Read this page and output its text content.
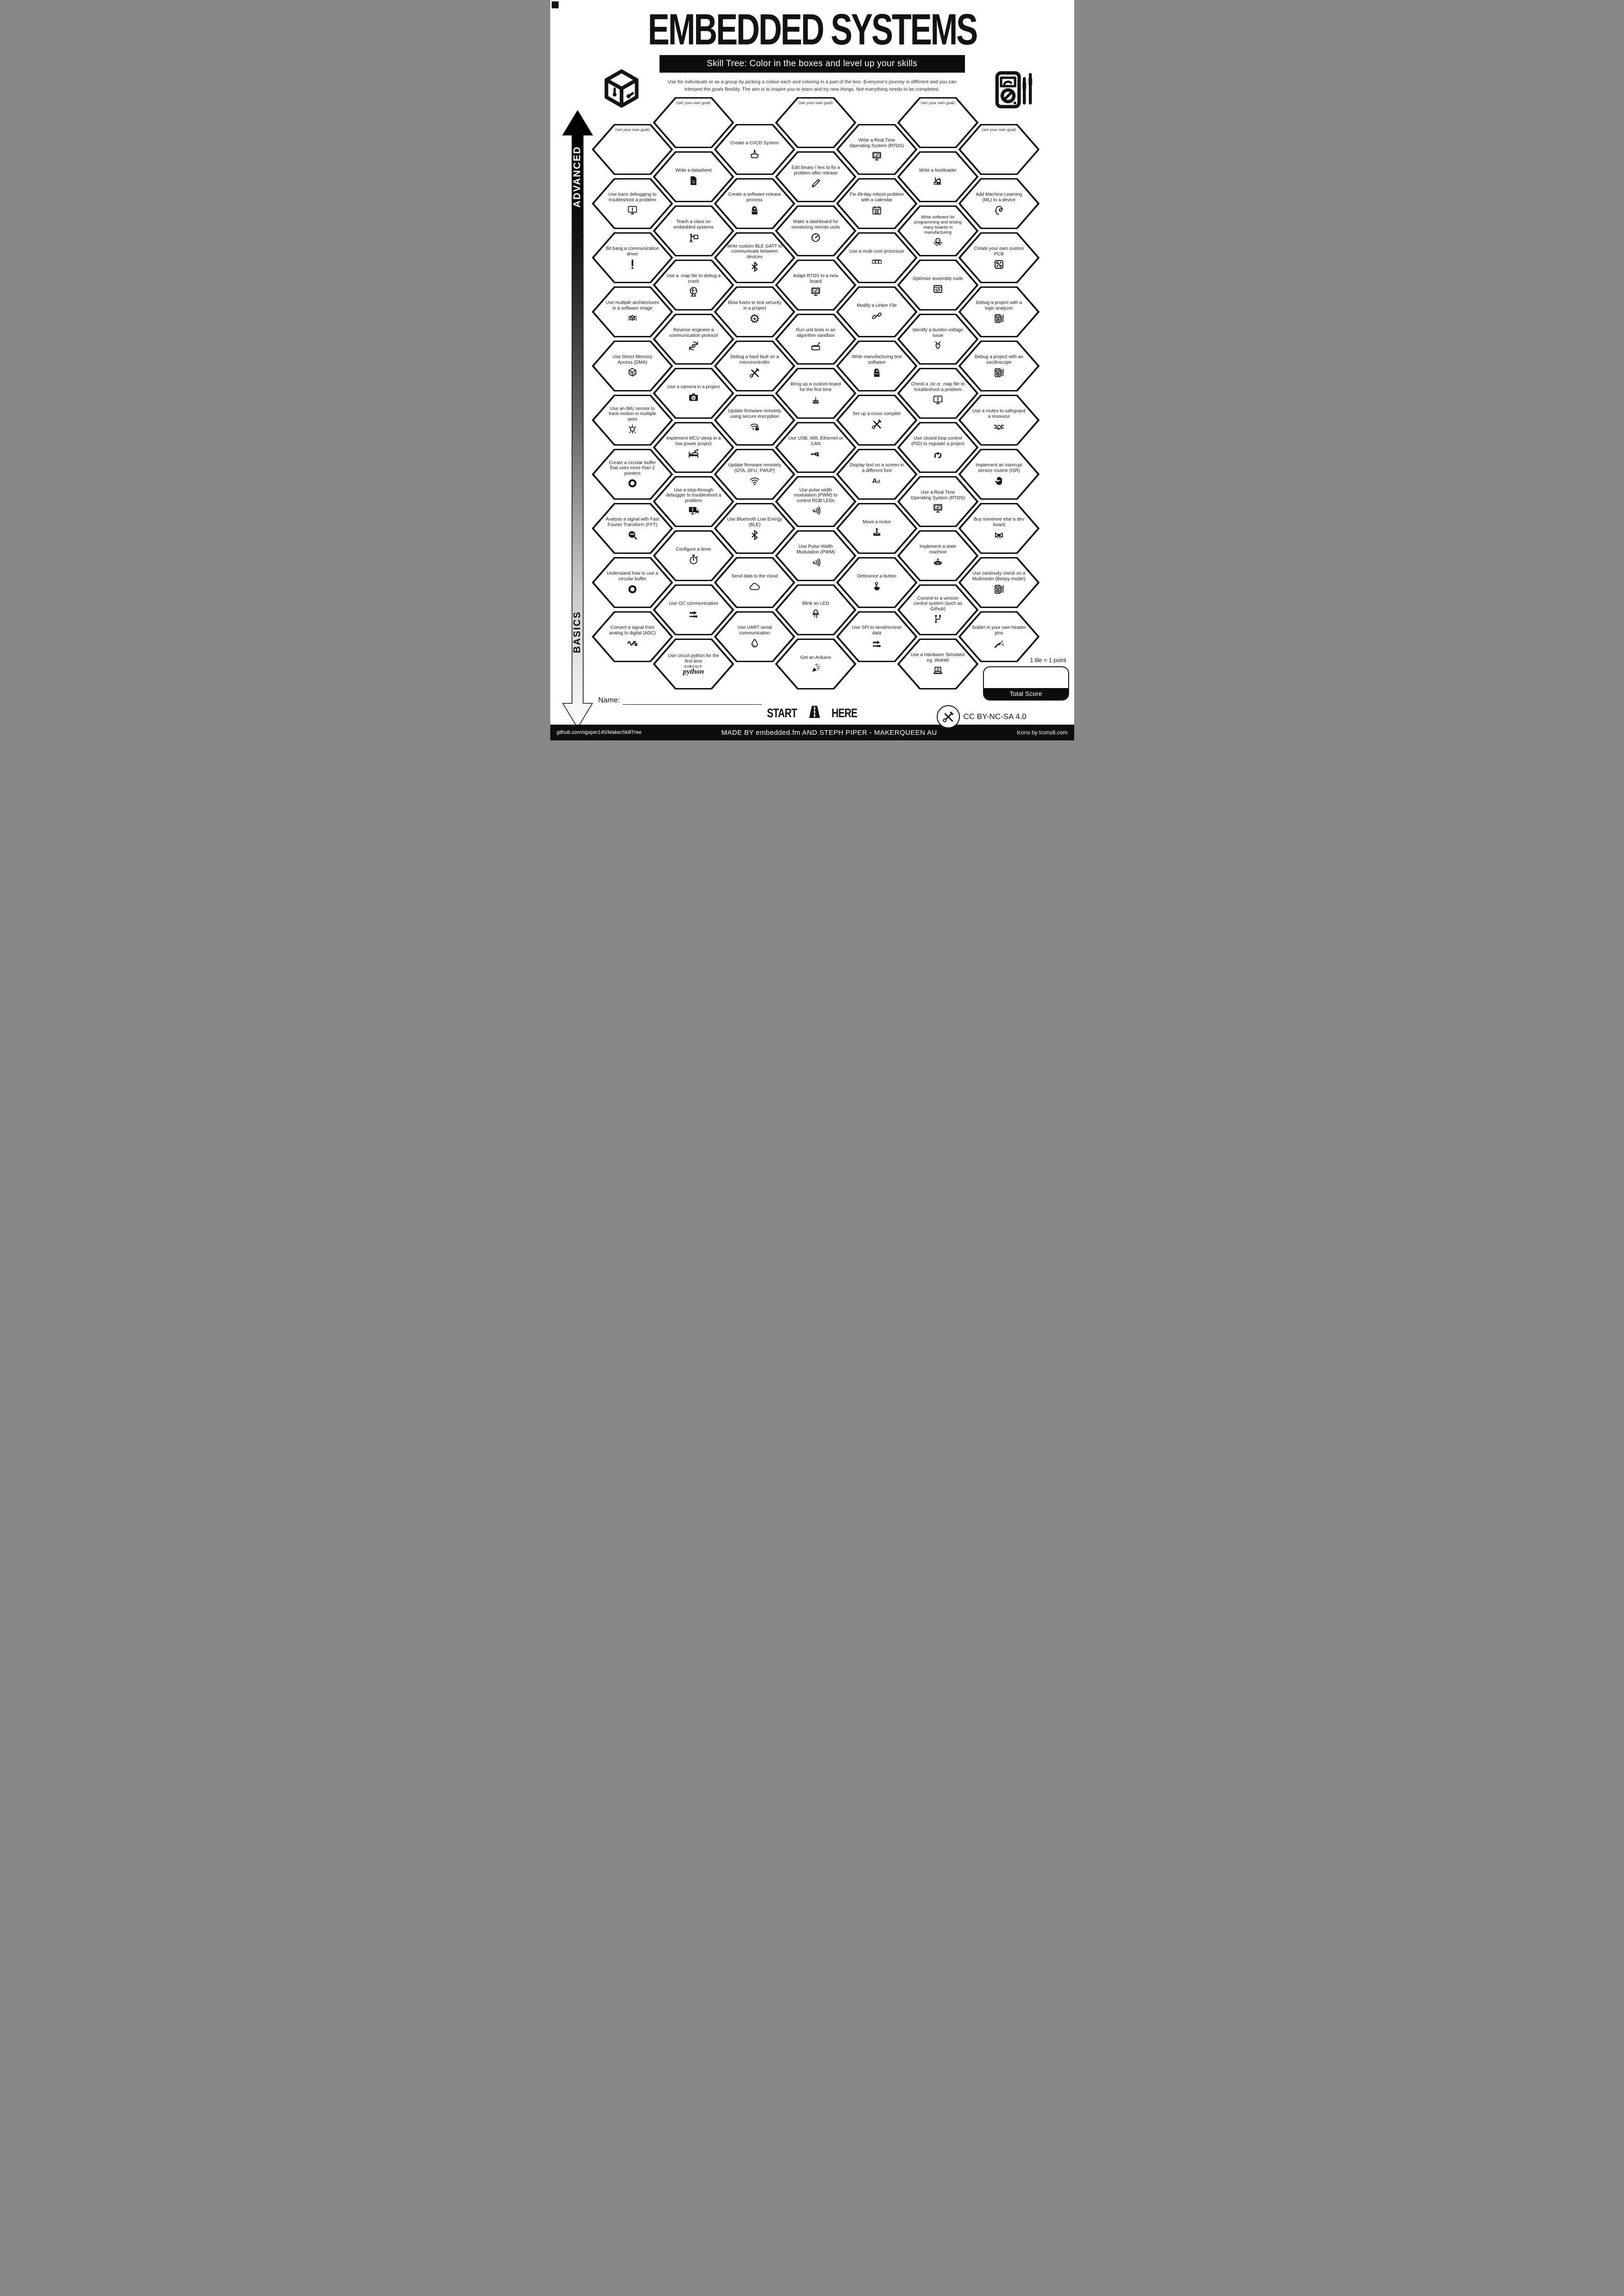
EMBEDDED SYSTEMS
Skill Tree: Color in the boxes and level up your skills
Use for individuals or as a group by picking a colour each and coloring in a part of the box. Everyone's journey is different and you can
interpret the goals flexibly. The aim is to inspire you to learn and try new things. Not everything needs to be completed.
ADVANCED
BASICS
(set your own goal)
Use trace debugging to troubleshoot a problem
Bit bang a communication driver
Use multiple architectures in a software image
Use Direct Memory Access (DMA)
Use an IMU sensor to track motion in multiple axes
Create a circular buffer that uses more than 2 pointers
Analyse a signal with Fast Fourier Transform (FFT)
Understand how to use a circular buffer
Convert a signal from analog to digital (ADC)
(set your own goal)
Write a datasheet
Teach a class on embedded systems
Use a .map file to debug a crash
Reverse engineer a communication protocol
Use a camera in a project
Implement MCU sleep in a low power project
Use a step-through debugger to troubleshoot a problem
Configure a timer
Use I2C communication
Use circuit python for the first time
CIRCUIT
python
Create a CI/CD System
Create a software release process
Write custom BLE GATT to communicate between devices
Blow fuses to test security in a project
Debug a hard fault on a microcontroller
Update firmware remotely using secure encryption
Update firmware remotely (OTA, DFU, FWUP)
Use Bluetooth Low Energy (BLE)
Send data to the cloud
Use UART serial communication
(set your own goal)
Edit binary / hex to fix a problem after release
Make a dashboard for monitoring remote units
Adapt RTOS to a new board
Run unit tests in an algorithm sandbox
Bring up a custom board for the first time
Use USB, Wifi, Ethernet or CAN
Use pulse width modulation (PWM) to control RGB LEDs
Use Pulse Width Modulation (PWM)
Blink an LED
Get an Arduino
Write a Real Time Operating System (RTOS)
Fix 49-day reboot problem with a calendar
Use a multi core processor
Modify a Linker File
Write manufacturing test software
Set up a cross compiler
Display text on a screen in a different font
A a
Move a motor
Debounce a button
Use SPI to send/recieve data
(set your own goal)
Write a bootloader
Write software for programming and testing many boards in manufacturing
Optimize assembly code
Identify a burden voltage issue
Check a .lst or .map file to troubleshoot a problem
Use closed loop control (PID) to regulate a project
Use a Real Time Operating System (RTOS)
Implement a state machine
Commit to a version control system (such as Github)
Use a Hardware Simulator eg. WokWi
(set your own goal)
Add Machine Learning (ML) to a device
Create your own custom PCB
Debug a project with a logic analyzer
Debug a project with an oscilloscope
Use a mutex to safeguard a resource
Implement an interrupt service routine (ISR)
Buy someone else a dev board
Use continuity check on a Multimeter (Beepy mode!)
Solder in your own header pins
Name:
START	HERE
1 tile = 1 point
Total Score
CC BY-NC-SA 4.0
github.com/sjpiper145/MakerSkillTree	MADE BY embedded.fm AND STEPH PIPER - MAKERQUEEN AU	Icons by Icons8.com
